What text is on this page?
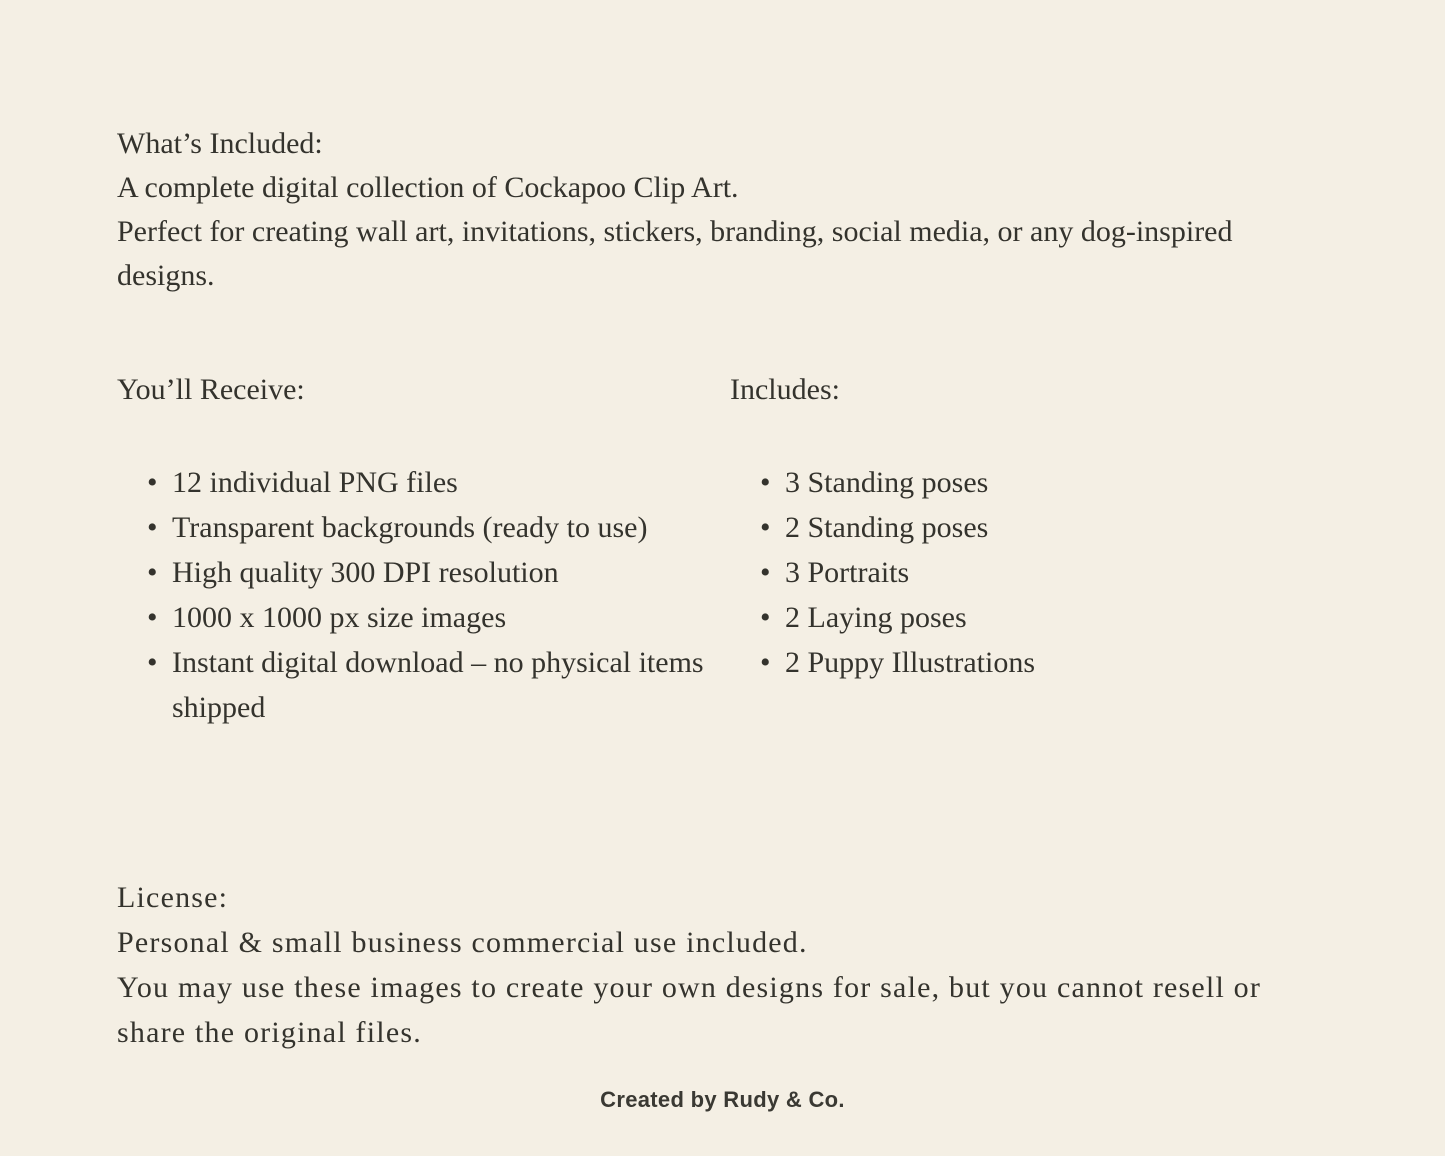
What’s Included:

A complete digital collection of Cockapoo Clip Art.

Perfect for creating wall art, invitations, stickers, branding, social media, or any dog-inspired designs.

You’ll Receive:
• 12 individual PNG files
• Transparent backgrounds (ready to use)
• High quality 300 DPI resolution
• 1000 x 1000 px size images
• Instant digital download – no physical items shipped
Includes:
• 3 Standing poses
• 2 Standing poses
• 3 Portraits
• 2 Laying poses
• 2 Puppy Illustrations
License:

Personal & small business commercial use included.

You may use these images to create your own designs for sale, but you cannot resell or share the original files.

Created by Rudy & Co.
